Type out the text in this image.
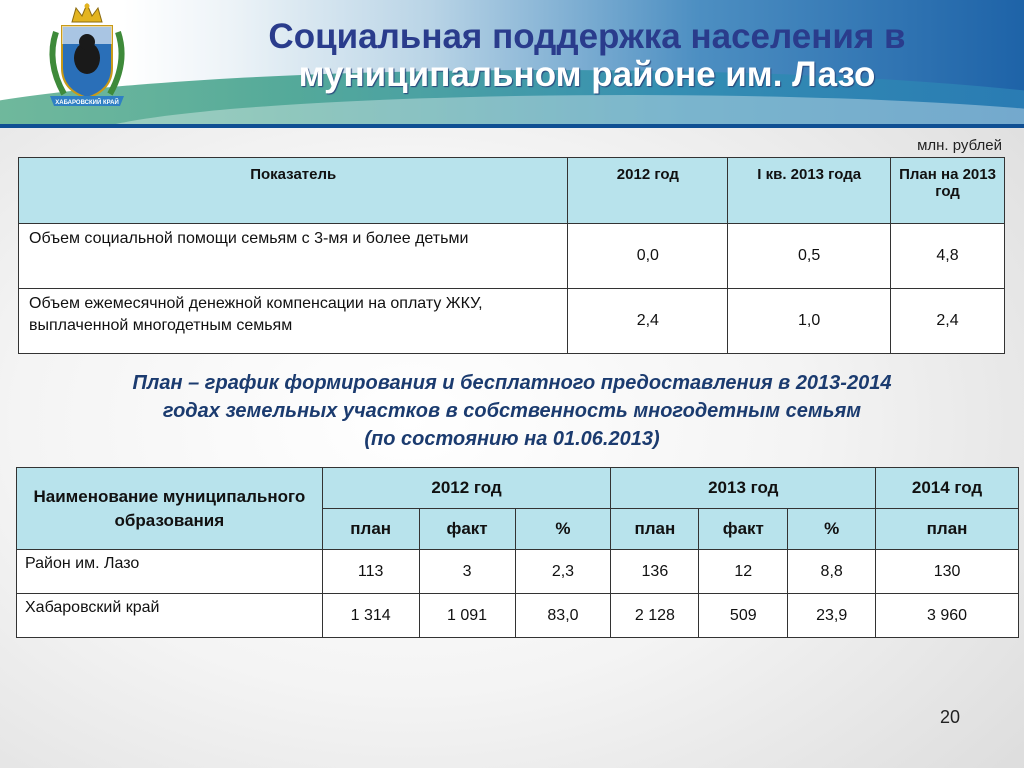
ХАБАРОВСКИЙ КРАЙ
Социальная поддержка населения в
муниципальном районе им. Лазо
млн. рублей
Показатель	2012 год	I кв. 2013 года	План на 2013 год
Объем социальной помощи семьям с 3-мя и более детьми	0,0	0,5	4,8
Объем ежемесячной денежной компенсации на оплату ЖКУ, выплаченной многодетным семьям	2,4	1,0	2,4
План – график формирования и бесплатного предоставления в 2013-2014
годах земельных участков в собственность многодетным семьям
(по состоянию на 01.06.2013)
Наименование муниципального образования	2012 год			2013 год			2014 год
	план	факт	%	план	факт	%	план
Район им. Лазо	113	3	2,3	136	12	8,8	130
Хабаровский край	1 314	1 091	83,0	2 128	509	23,9	3 960
20
